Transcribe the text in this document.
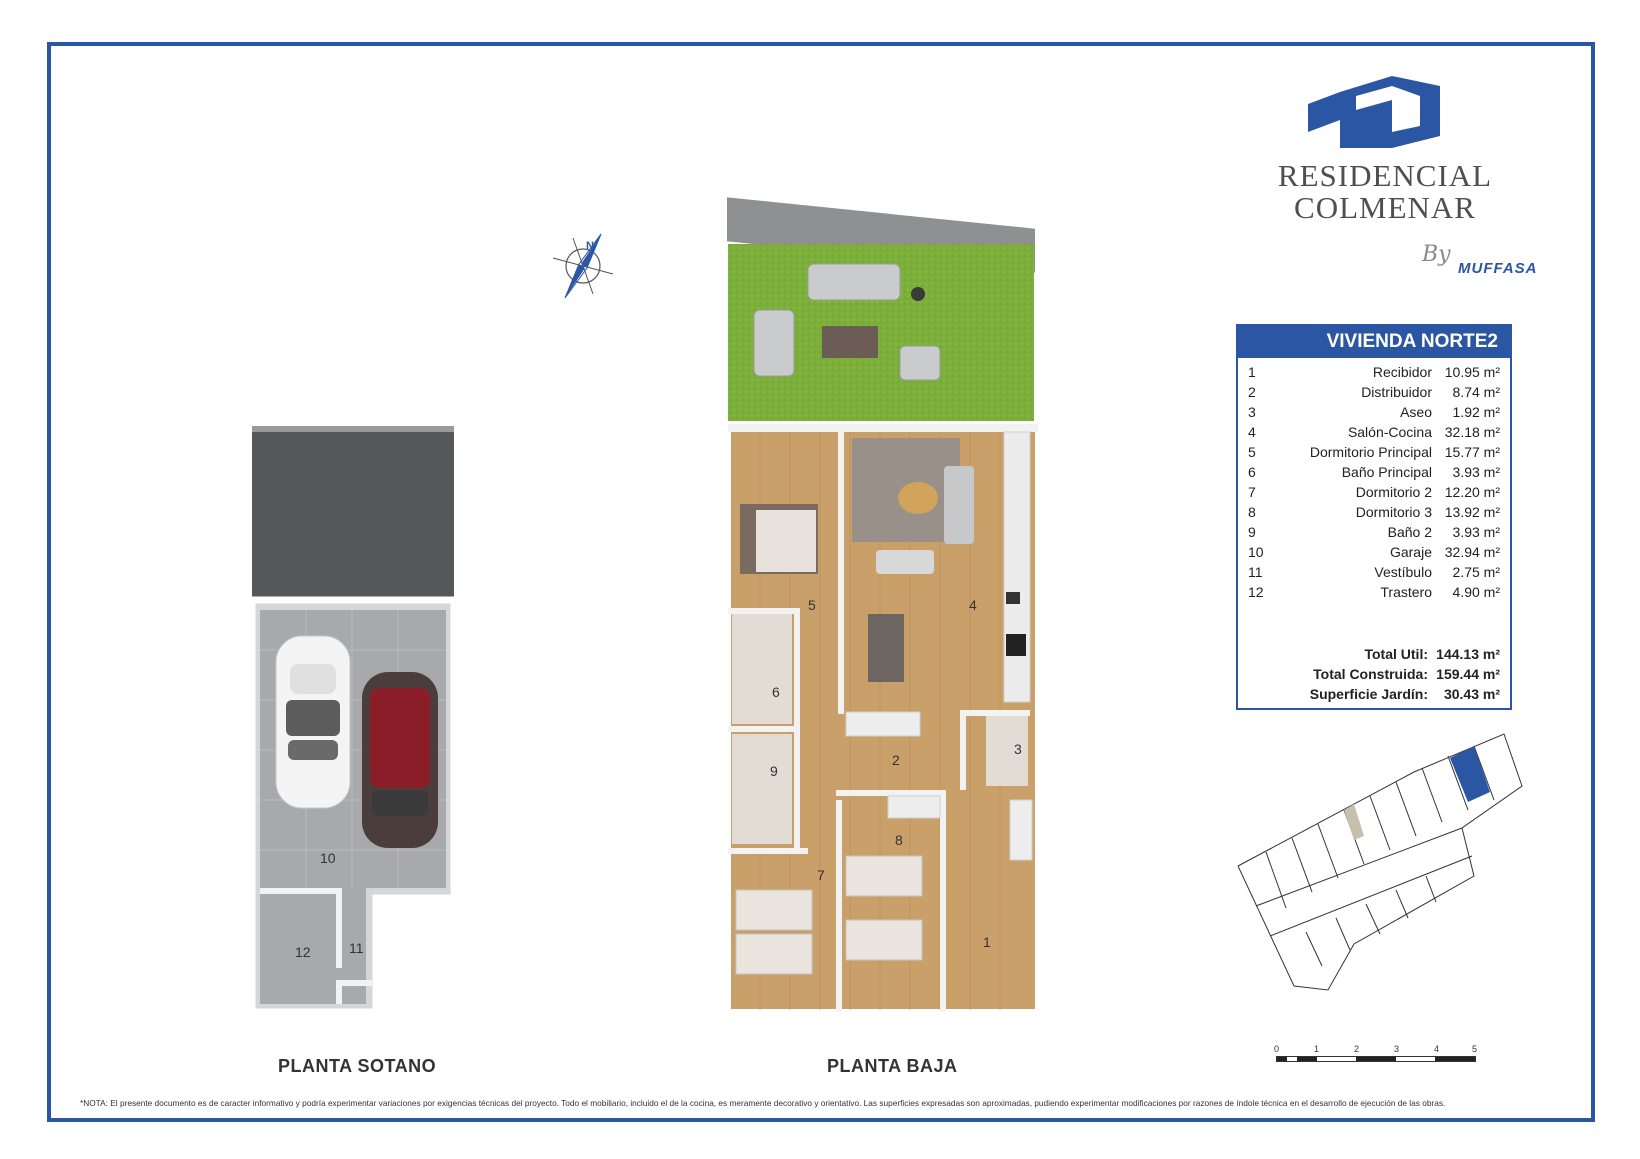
RESIDENCIAL
COLMENAR
By
MUFFASA
N
1
2
3
4
5
6
7
8
9
10
11
12
PLANTA SOTANO	PLANTA BAJA
VIVIENDA NORTE2
1	Recibidor 10.95 m²
2	Distribuidor	8.74 m²
3	Aseo	1.92 m²
4	Salón-Cocina 32.18 m²
5	Dormitorio Principal 15.77 m²
6	Baño Principal	3.93 m²
7	Dormitorio 2 12.20 m²
8	Dormitorio 3 13.92 m²
9	Baño 2	3.93 m²
10	Garaje 32.94 m²
11	Vestíbulo	2.75 m²
12	Trastero	4.90 m²
Total Util: 144.13 m²
Total Construida: 159.44 m²
Superficie Jardín:	30.43 m²
0	1	2	3	4	5
*NOTA: El presente documento es de caracter informativo y podría experimentar variaciones por exigencias técnicas del proyecto. Todo el mobiliario, incluido el de la cocina, es meramente decorativo y orientativo. Las superficies expresadas son aproximadas, pudiendo experimentar modificaciones por razones de índole técnica en el desarrollo de ejecución de las obras.
